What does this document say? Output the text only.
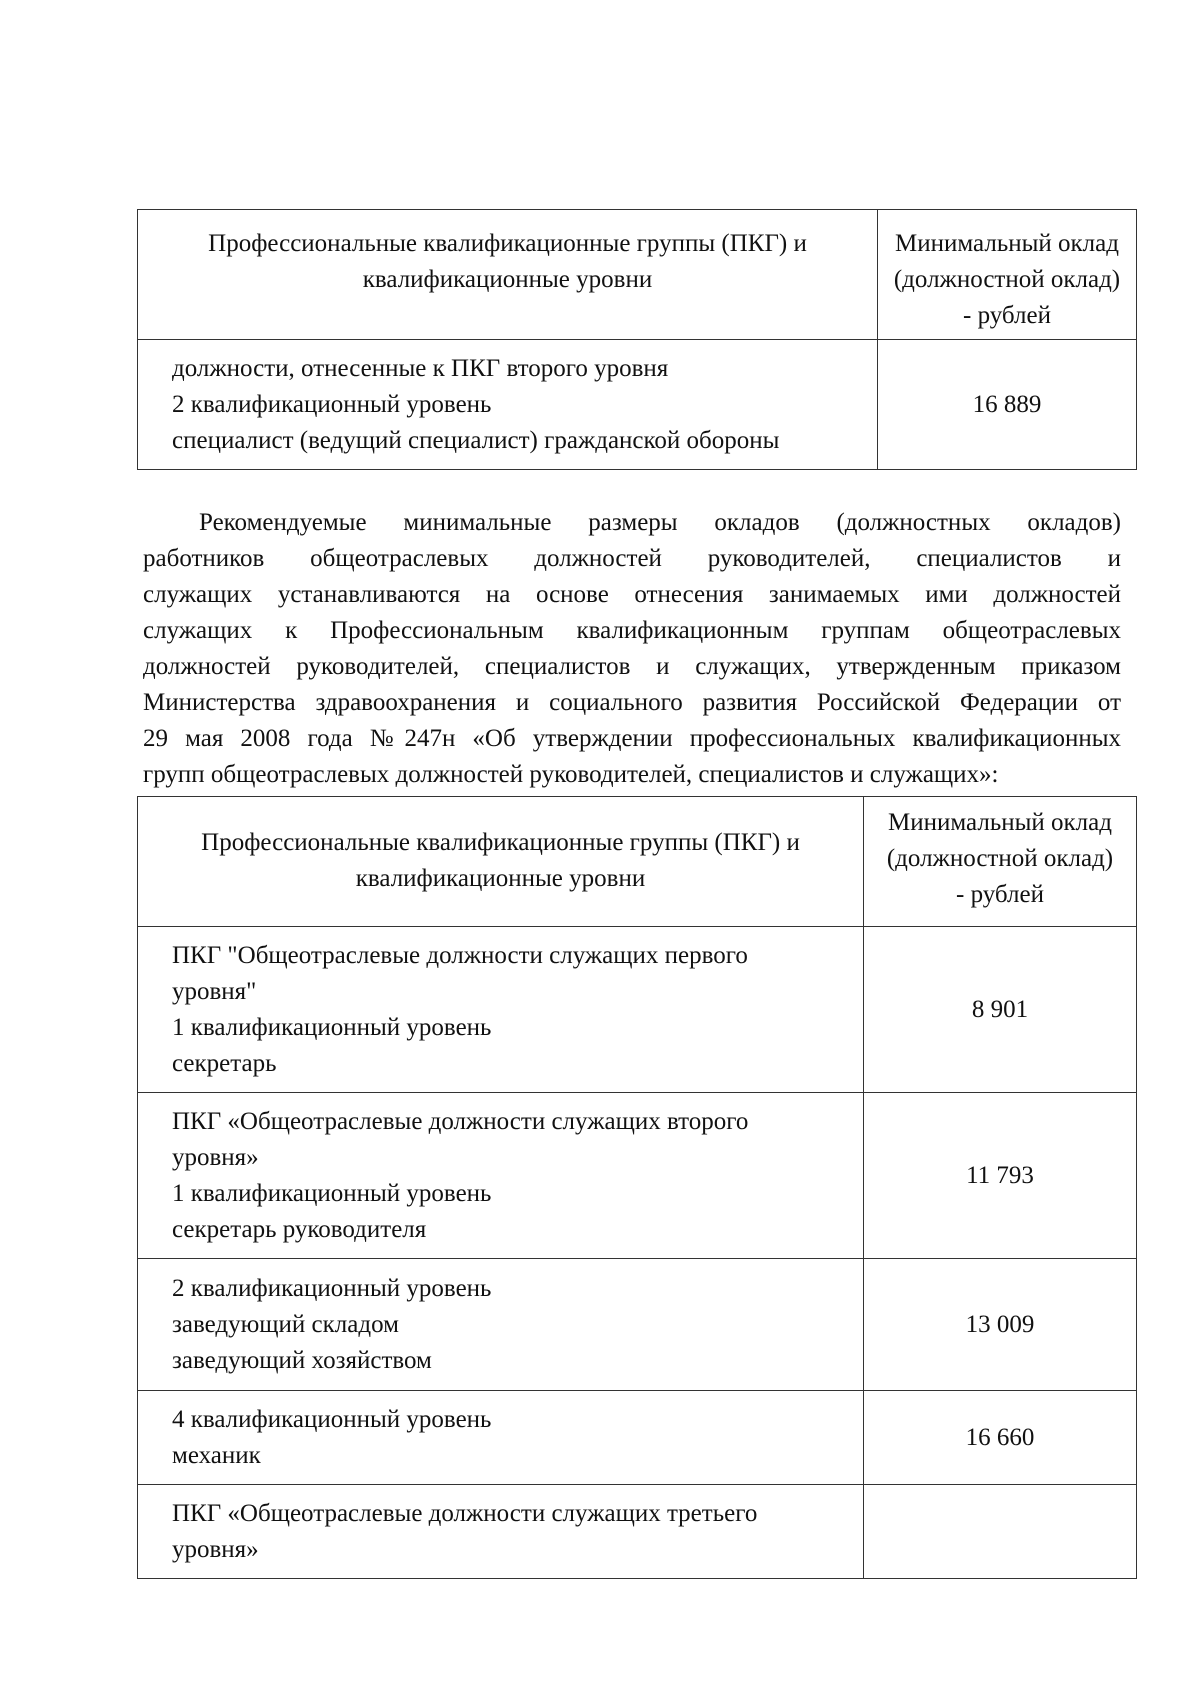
Профессиональные квалификационные группы (ПКГ) и
квалификационные уровни	Минимальный оклад
(должностной оклад)
- рублей

должности, отнесенные к ПКГ второго уровня
2 квалификационный уровень
специалист (ведущий специалист) гражданской обороны	16 889
Рекомендуемые минимальные размеры окладов (должностных окладов)
работников общеотраслевых должностей руководителей, специалистов и
служащих устанавливаются на основе отнесения занимаемых ими должностей
служащих к Профессиональным квалификационным группам общеотраслевых
должностей руководителей, специалистов и служащих, утвержденным приказом
Министерства здравоохранения и социального развития Российской Федерации от
29 мая 2008 года №247н «Об утверждении профессиональных квалификационных
групп общеотраслевых должностей руководителей, специалистов и служащих»:
Профессиональные квалификационные группы (ПКГ) и
квалификационные уровни	Минимальный оклад
(должностной оклад)
- рублей

ПКГ "Общеотраслевые должности служащих первого
уровня"
1 квалификационный уровень
секретарь	8 901

ПКГ «Общеотраслевые должности служащих второго
уровня»
1 квалификационный уровень
секретарь руководителя	11 793

2 квалификационный уровень
заведующий складом
заведующий хозяйством	13 009

4 квалификационный уровень
механик	16 660

ПКГ «Общеотраслевые должности служащих третьего
уровня»	
